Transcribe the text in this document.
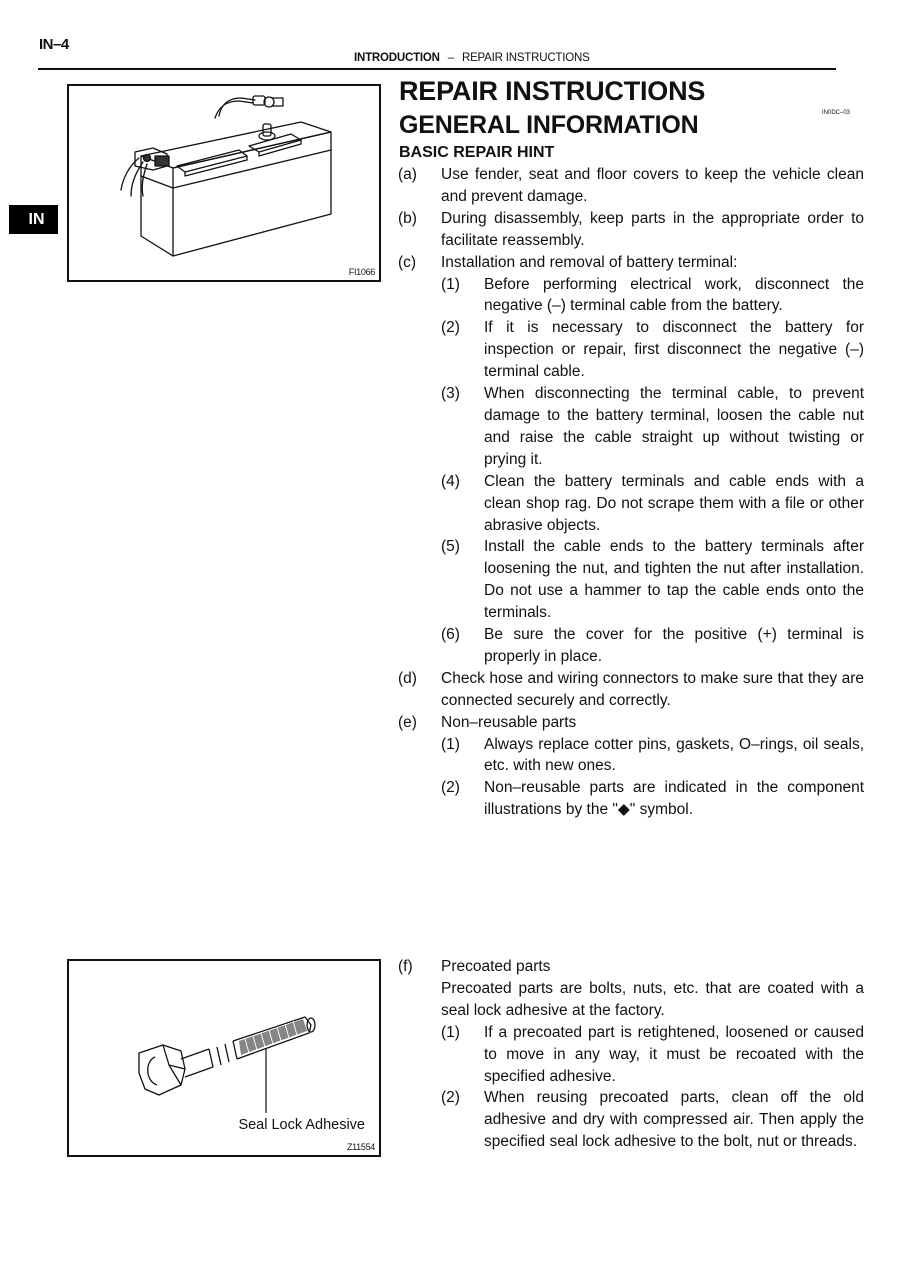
IN–4
INTRODUCTION – REPAIR INSTRUCTIONS
IN
FI1066
REPAIR INSTRUCTIONS
IN0DC–03
GENERAL INFORMATION
BASIC REPAIR HINT
(a)	Use fender, seat and floor covers to keep the vehicle clean and prevent damage.
(b)	During disassembly, keep parts in the appropriate order to facilitate reassembly.
(c)	Installation and removal of battery terminal:
(1)	Before performing electrical work, disconnect the negative (–) terminal cable from the battery.
(2)	If it is necessary to disconnect the battery for inspection or repair, first disconnect the negative (–) terminal cable.
(3)	When disconnecting the terminal cable, to prevent damage to the battery terminal, loosen the cable nut and raise the cable straight up without twisting or prying it.
(4)	Clean the battery terminals and cable ends with a clean shop rag. Do not scrape them with a file or other abrasive objects.
(5)	Install the cable ends to the battery terminals after loosening the nut, and tighten the nut after installation. Do not use a hammer to tap the cable ends onto the terminals.
(6)	Be sure the cover for the positive (+) terminal is properly in place.
(d)	Check hose and wiring connectors to make sure that they are connected securely and correctly.
(e)	Non–reusable parts
(1)	Always replace cotter pins, gaskets, O–rings, oil seals, etc. with new ones.
(2)	Non–reusable parts are indicated in the component illustrations by the "◆" symbol.
Seal Lock Adhesive
Z11554
(f)	Precoated parts
Precoated parts are bolts, nuts, etc. that are coated with a seal lock adhesive at the factory.
(1)	If a precoated part is retightened, loosened or caused to move in any way, it must be recoated with the specified adhesive.
(2)	When reusing precoated parts, clean off the old adhesive and dry with compressed air. Then apply the specified seal lock adhesive to the bolt, nut or threads.
